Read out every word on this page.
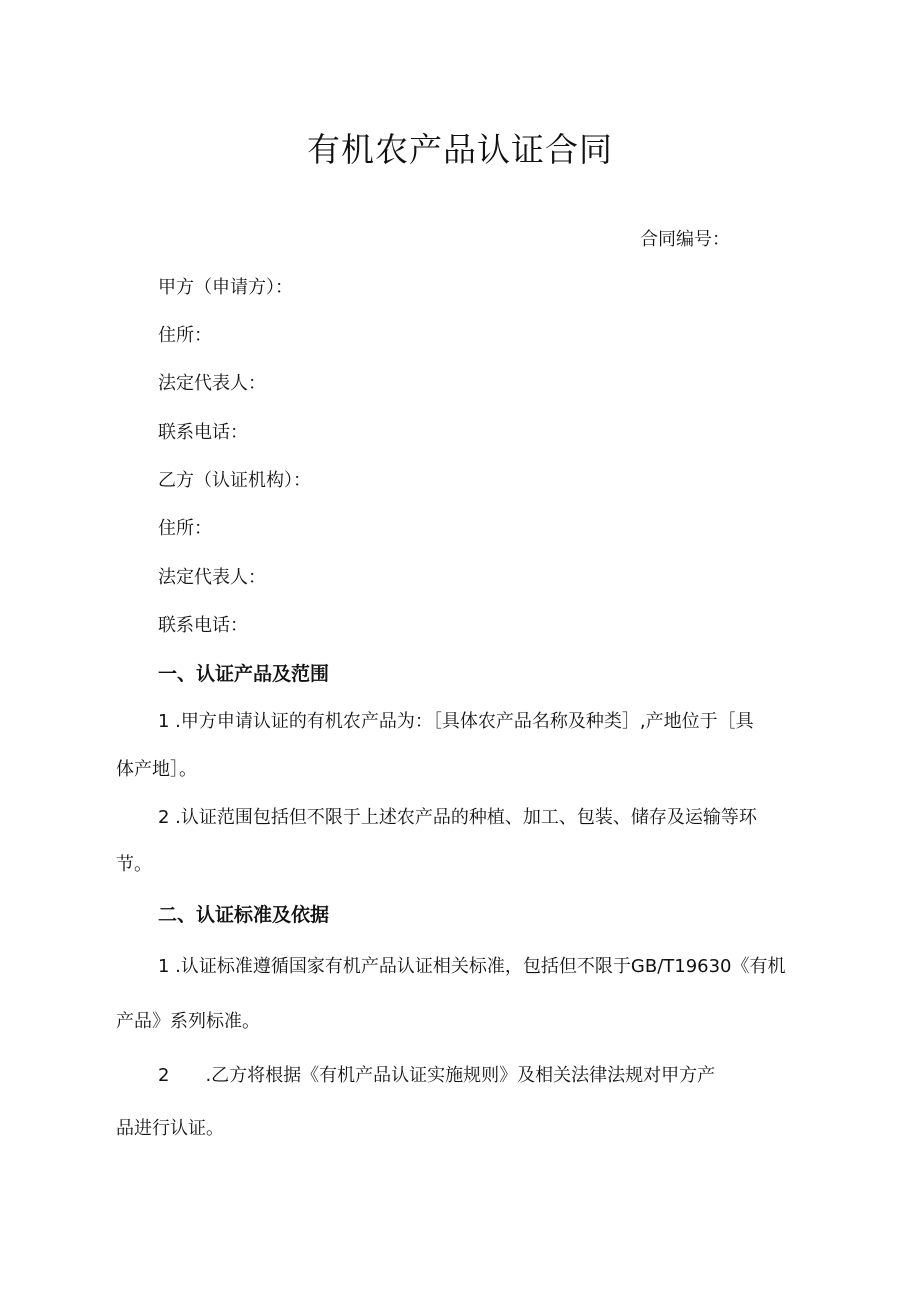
有机农产品认证合同
合同编号：
甲方（申请方）：
住所：
法定代表人：
联系电话：
乙方（认证机构）：
住所：
法定代表人：
联系电话：
一、认证产品及范围
1 .甲方申请认证的有机农产品为：［具体农产品名称及种类］,产地位于［具
体产地］。
2 .认证范围包括但不限于上述农产品的种植、加工、包装、储存及运输等环
节。
二、认证标准及依据
1 .认证标准遵循国家有机产品认证相关标准，包括但不限于GB/T19630《有机
产品》系列标准。
2　　.乙方将根据《有机产品认证实施规则》及相关法律法规对甲方产
品进行认证。
